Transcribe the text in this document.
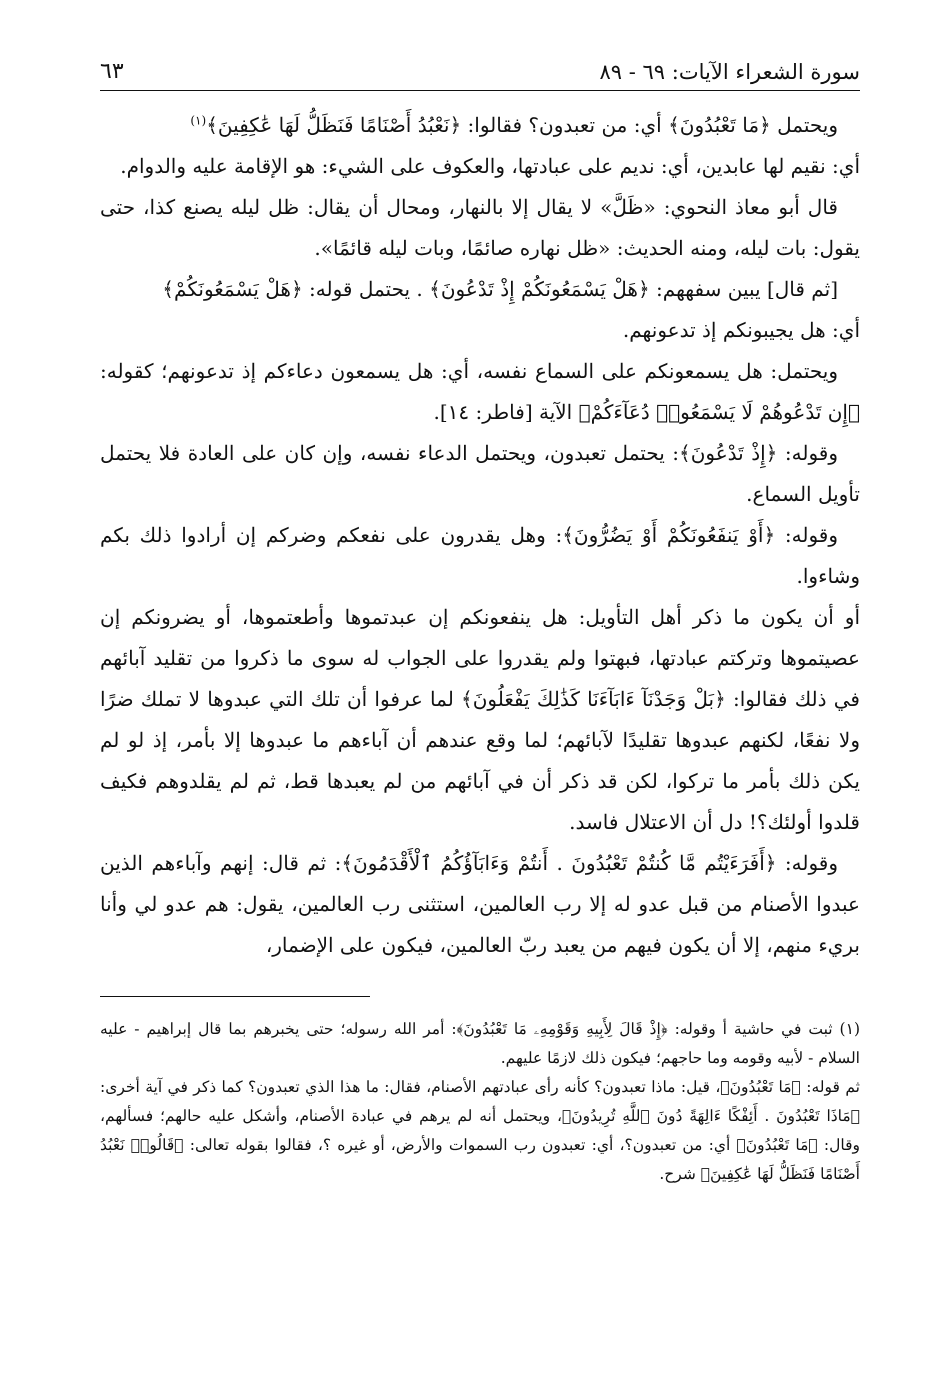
سورة الشعراء الآيات: ٦٩ - ٨٩
٦٣

ويحتمل ﴿مَا تَعْبُدُونَ﴾ أي: من تعبدون؟ فقالوا: ﴿نَعْبُدُ أَصْنَامًا فَنَظَلُّ لَهَا عَٰكِفِينَ﴾$^{(١)}$

أي: نقيم لها عابدين، أي: نديم على عبادتها، والعكوف على الشيء: هو الإقامة عليه والدوام.

قال أبو معاذ النحوي: «ظَلَّ» لا يقال إلا بالنهار، ومحال أن يقال: ظل ليله يصنع كذا، حتى يقول: بات ليله، ومنه الحديث: «ظل نهاره صائمًا، وبات ليله قائمًا».

[ثم قال] يبين سفههم: ﴿هَلْ يَسْمَعُونَكُمْ إِذْ تَدْعُونَ﴾ . يحتمل قوله: ﴿هَلْ يَسْمَعُونَكُمْ﴾

أي: هل يجيبونكم إذ تدعونهم.

ويحتمل: هل يسمعونكم على السماع نفسه، أي: هل يسمعون دعاءكم إذ تدعونهم؛ كقوله: ﴿إِن تَدْعُوهُمْ لَا يَسْمَعُوا۟ دُعَآءَكُمْ﴾ الآية [فاطر: ١٤].

وقوله: ﴿إِذْ تَدْعُونَ﴾: يحتمل تعبدون، ويحتمل الدعاء نفسه، وإن كان على العادة فلا يحتمل تأويل السماع.

وقوله: ﴿أَوْ يَنفَعُونَكُمْ أَوْ يَضُرُّونَ﴾: وهل يقدرون على نفعكم وضركم إن أرادوا ذلك بكم وشاءوا.

أو أن يكون ما ذكر أهل التأويل: هل ينفعونكم إن عبدتموها وأطعتموها، أو يضرونكم إن عصيتموها وتركتم عبادتها، فبهتوا ولم يقدروا على الجواب له سوى ما ذكروا من تقليد آبائهم في ذلك فقالوا: ﴿بَلْ وَجَدْنَآ ءَابَآءَنَا كَذَٰلِكَ يَفْعَلُونَ﴾ لما عرفوا أن تلك التي عبدوها لا تملك ضرًا ولا نفعًا، لكنهم عبدوها تقليدًا لآبائهم؛ لما وقع عندهم أن آباءهم ما عبدوها إلا بأمر، إذ لو لم يكن ذلك بأمر ما تركوا، لكن قد ذكر أن في آبائهم من لم يعبدها قط، ثم لم يقلدوهم فكيف قلدوا أولئك؟! دل أن الاعتلال فاسد.

وقوله: ﴿أَفَرَءَيْتُم مَّا كُنتُمْ تَعْبُدُونَ . أَنتُمْ وَءَابَآؤُكُمُ ٱلْأَقْدَمُونَ﴾: ثم قال: إنهم وآباءهم الذين عبدوا الأصنام من قبل عدو له إلا رب العالمين، استثنى رب العالمين، يقول: هم عدو لي وأنا بريء منهم، إلا أن يكون فيهم من يعبد ربّ العالمين، فيكون على الإضمار،

(١) ثبت في حاشية أ وقوله: ﴿إِذْ قَالَ لِأَبِيهِ وَقَوْمِهِۦ مَا تَعْبُدُونَ﴾: أمر الله رسوله؛ حتى يخبرهم بما قال إبراهيم - عليه السلام - لأبيه وقومه وما حاجهم؛ فيكون ذلك لازمًا عليهم.

ثم قوله: ﴿مَا تَعْبُدُونَ﴾، قيل: ماذا تعبدون؟ كأنه رأى عبادتهم الأصنام، فقال: ما هذا الذي تعبدون؟ كما ذكر في آية أخرى: ﴿مَاذَا تَعْبُدُونَ . أَئِفْكًا ءَالِهَةً دُونَ ٱللَّهِ تُرِيدُونَ﴾، ويحتمل أنه لم يرهم في عبادة الأصنام، وأشكل عليه حالهم؛ فسألهم، وقال: ﴿مَا تَعْبُدُونَ﴾ أي: من تعبدون؟، أي: تعبدون رب السموات والأرض، أو غيره ؟، فقالوا بقوله تعالى: ﴿قَالُوا۟ نَعْبُدُ أَصْنَامًا فَنَظَلُّ لَهَا عَٰكِفِينَ﴾ شرح.
